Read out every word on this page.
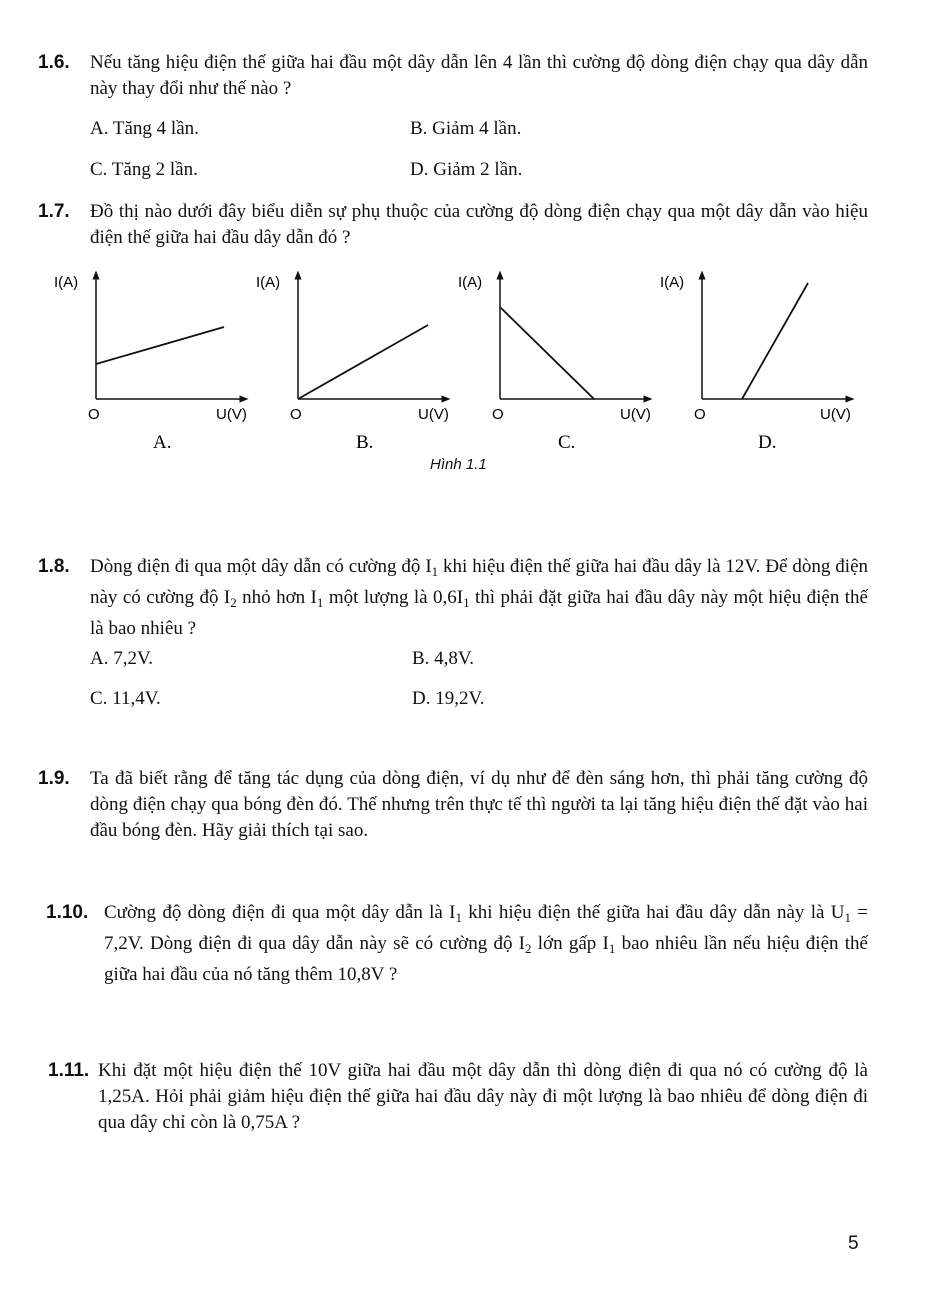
1.6. Nếu tăng hiệu điện thế giữa hai đầu một dây dẫn lên 4 lần thì cường độ dòng điện chạy qua dây dẫn này thay đổi như thế nào ?
A. Tăng 4 lần.	B. Giảm 4 lần.
C. Tăng 2 lần.	D. Giảm 2 lần.
1.7. Đồ thị nào dưới đây biểu diễn sự phụ thuộc của cường độ dòng điện chạy qua một dây dẫn vào hiệu điện thế giữa hai đầu dây dẫn đó ?
I(A)
O	U(V)
A.
I(A)
O	U(V)
B.
I(A)
O	U(V)
C.
I(A)
O	U(V)
D.
Hình 1.1
1.8. Dòng điện đi qua một dây dẫn có cường độ $I_1$ khi hiệu điện thế giữa hai đầu dây là 12V. Để dòng điện này có cường độ $I_2$ nhỏ hơn $I_1$ một lượng là $0,6I_1$ thì phải đặt giữa hai đầu dây này một hiệu điện thế là bao nhiêu ?
A. 7,2V.	B. 4,8V.
C. 11,4V.	D. 19,2V.
1.9. Ta đã biết rằng để tăng tác dụng của dòng điện, ví dụ như để đèn sáng hơn, thì phải tăng cường độ dòng điện chạy qua bóng đèn đó. Thế nhưng trên thực tế thì người ta lại tăng hiệu điện thế đặt vào hai đầu bóng đèn. Hãy giải thích tại sao.
1.10. Cường độ dòng điện đi qua một dây dẫn là $I_1$ khi hiệu điện thế giữa hai đầu dây dẫn này là $U_1 = 7,2V$. Dòng điện đi qua dây dẫn này sẽ có cường độ $I_2$ lớn gấp $I_1$ bao nhiêu lần nếu hiệu điện thế giữa hai đầu của nó tăng thêm 10,8V ?
1.11. Khi đặt một hiệu điện thế 10V giữa hai đầu một dây dẫn thì dòng điện đi qua nó có cường độ là 1,25A. Hỏi phải giảm hiệu điện thế giữa hai đầu dây này đi một lượng là bao nhiêu để dòng điện đi qua dây chỉ còn là 0,75A ?
5
